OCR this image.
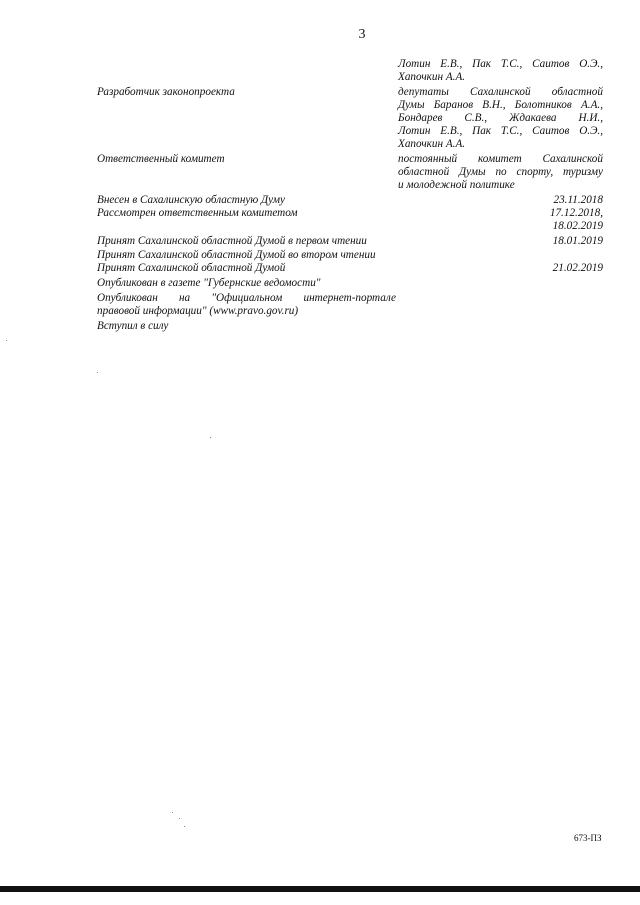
3
Лотин Е.В., Пак Т.С., Саитов О.Э.,
Хапочкин А.А.
Разработчик законопроекта	депутаты Сахалинской областной
Думы Баранов В.Н., Болотников А.А.,
Бондарев С.В., Ждакаева Н.И.,
Лотин Е.В., Пак Т.С., Саитов О.Э.,
Хапочкин А.А.
Ответственный комитет	постоянный комитет Сахалинской
областной Думы по спорту, туризму
и молодежной политике
Внесен в Сахалинскую областную Думу	23.11.2018
Рассмотрен ответственным комитетом	17.12.2018,
18.02.2019
Принят Сахалинской областной Думой в первом чтении	18.01.2019
Принят Сахалинской областной Думой во втором чтении
Принят Сахалинской областной Думой	21.02.2019
Опубликован в газете "Губернские ведомости"
Опубликован на "Официальном интернет-портале
правовой информации" (www.pravo.gov.ru)
Вступил в силу
673-ПЗ
